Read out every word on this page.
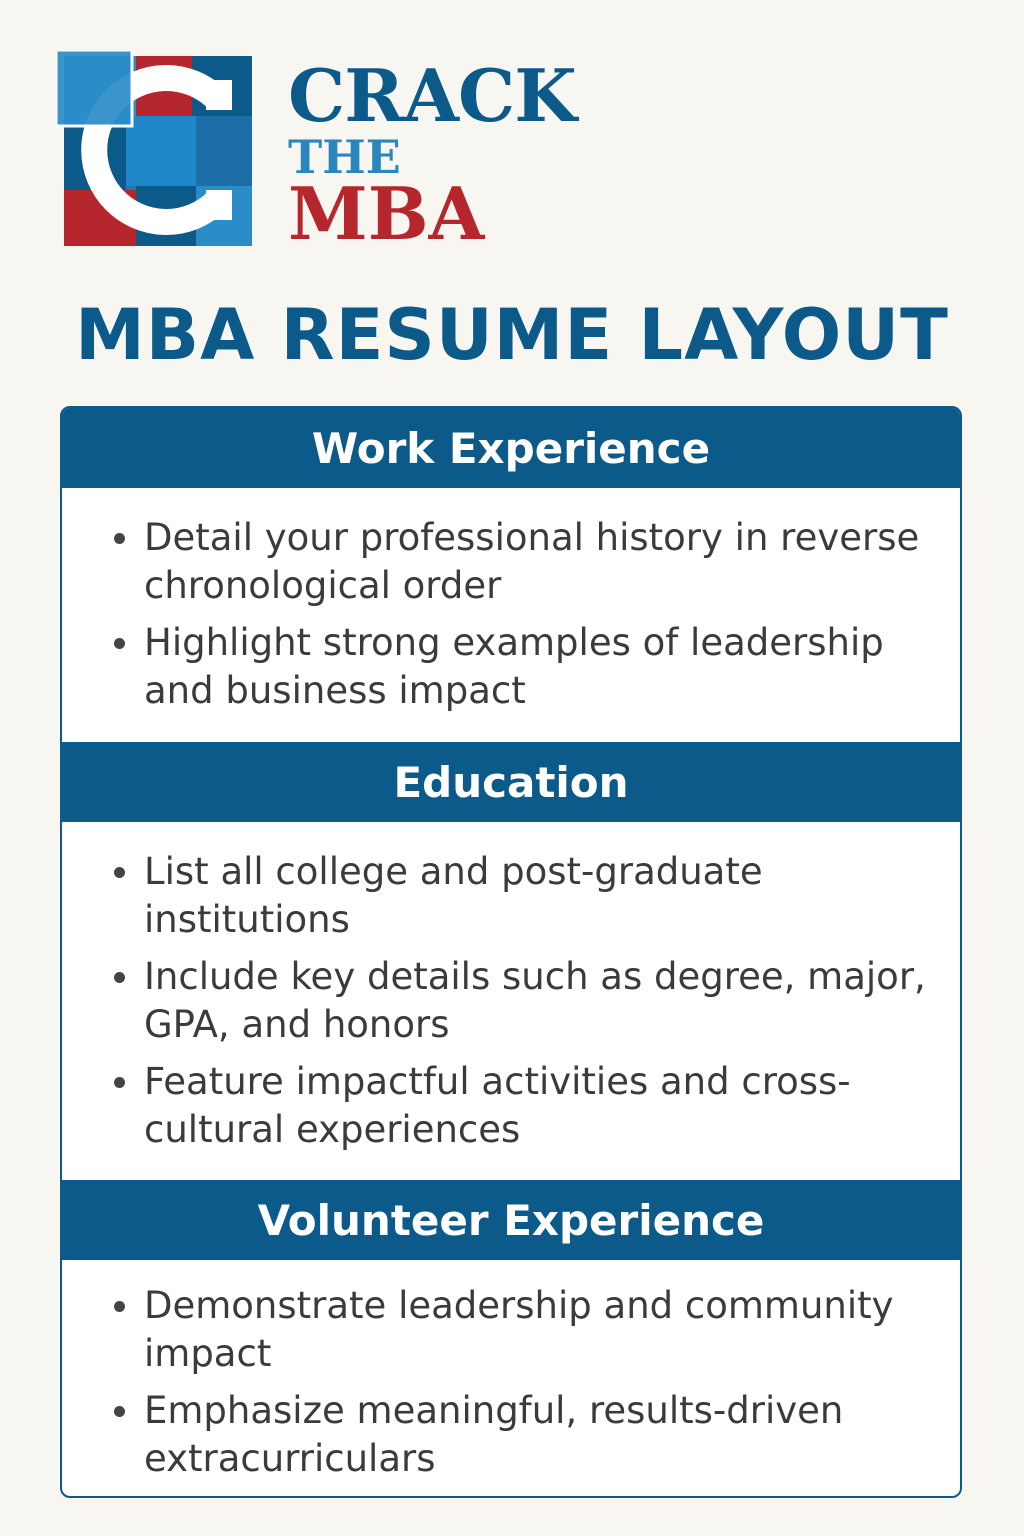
CRACK
THE
MBA
MBA RESUME LAYOUT
Work Experience
Detail your professional history in reverse chronological order
Highlight strong examples of leadership and business impact
Education
List all college and post-graduate institutions
Include key details such as degree, major, GPA, and honors
Feature impactful activities and cross-cultural experiences
Volunteer Experience
Demonstrate leadership and community impact
Emphasize meaningful, results-driven extracurriculars
